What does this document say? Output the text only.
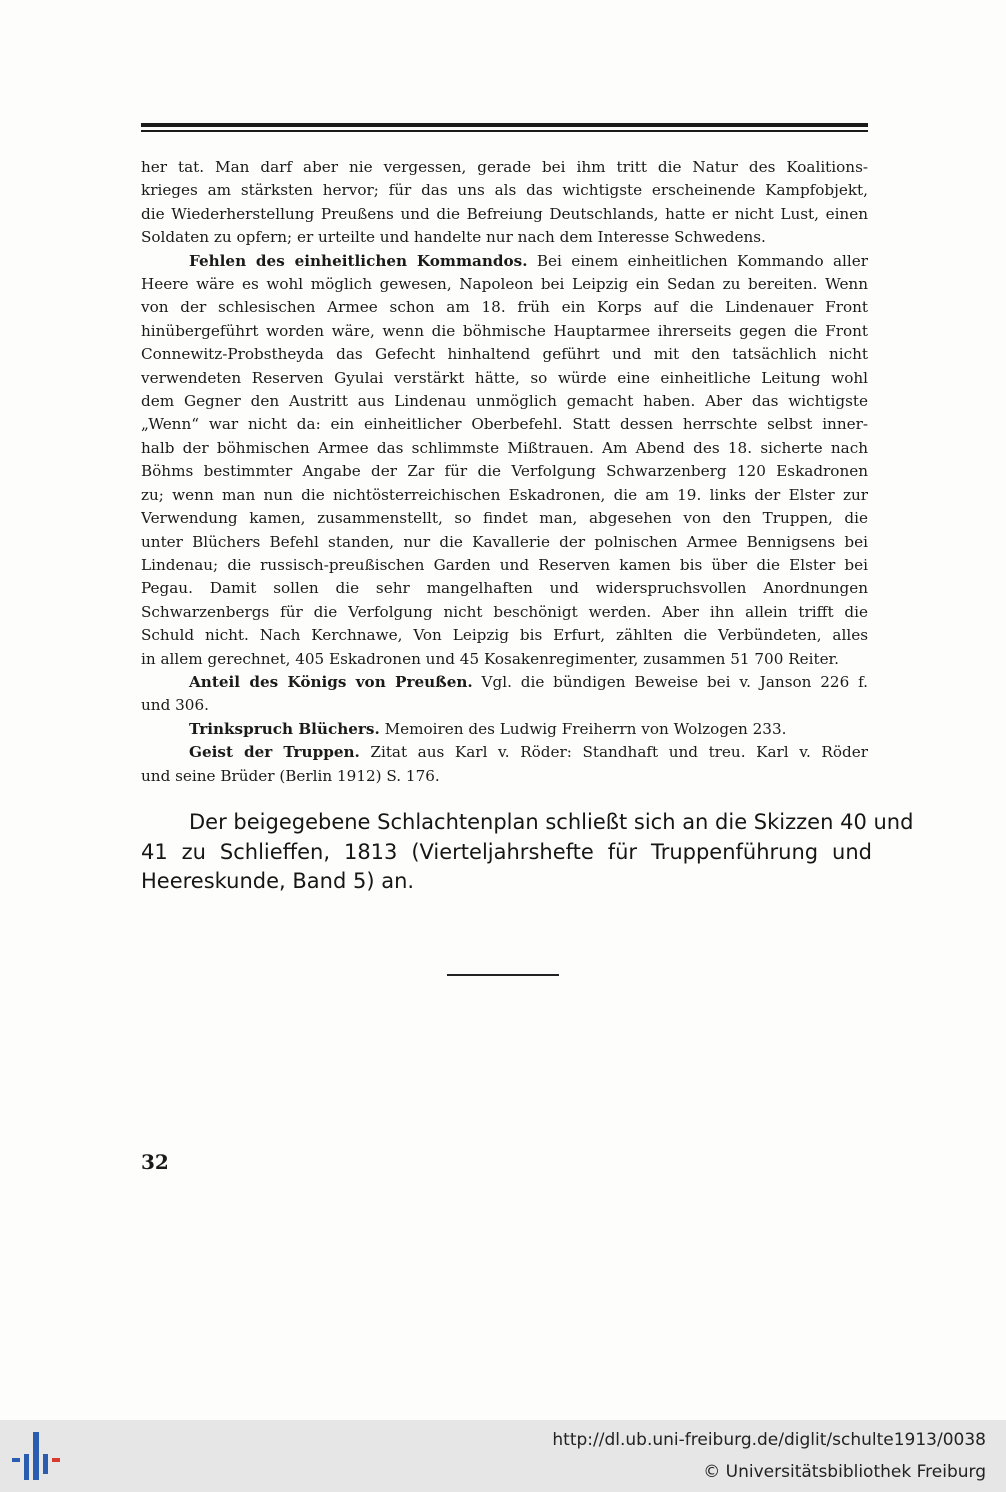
her tat. Man darf aber nie vergessen, gerade bei ihm tritt die Natur des Koalitions-
krieges am stärksten hervor; für das uns als das wichtigste erscheinende Kampfobjekt,
die Wiederherstellung Preußens und die Befreiung Deutschlands, hatte er nicht Lust, einen
Soldaten zu opfern; er urteilte und handelte nur nach dem Interesse Schwedens.
Fehlen des einheitlichen Kommandos. Bei einem einheitlichen Kommando aller
Heere wäre es wohl möglich gewesen, Napoleon bei Leipzig ein Sedan zu bereiten. Wenn
von der schlesischen Armee schon am 18. früh ein Korps auf die Lindenauer Front
hinübergeführt worden wäre, wenn die böhmische Hauptarmee ihrerseits gegen die Front
Connewitz-Probstheyda das Gefecht hinhaltend geführt und mit den tatsächlich nicht
verwendeten Reserven Gyulai verstärkt hätte, so würde eine einheitliche Leitung wohl
dem Gegner den Austritt aus Lindenau unmöglich gemacht haben. Aber das wichtigste
„Wenn“ war nicht da: ein einheitlicher Oberbefehl. Statt dessen herrschte selbst inner-
halb der böhmischen Armee das schlimmste Mißtrauen. Am Abend des 18. sicherte nach
Böhms bestimmter Angabe der Zar für die Verfolgung Schwarzenberg 120 Eskadronen
zu; wenn man nun die nichtösterreichischen Eskadronen, die am 19. links der Elster zur
Verwendung kamen, zusammenstellt, so findet man, abgesehen von den Truppen, die
unter Blüchers Befehl standen, nur die Kavallerie der polnischen Armee Bennigsens bei
Lindenau; die russisch-preußischen Garden und Reserven kamen bis über die Elster bei
Pegau. Damit sollen die sehr mangelhaften und widerspruchsvollen Anordnungen
Schwarzenbergs für die Verfolgung nicht beschönigt werden. Aber ihn allein trifft die
Schuld nicht. Nach Kerchnawe, Von Leipzig bis Erfurt, zählten die Verbündeten, alles
in allem gerechnet, 405 Eskadronen und 45 Kosakenregimenter, zusammen 51 700 Reiter.
Anteil des Königs von Preußen. Vgl. die bündigen Beweise bei v. Janson 226 f.
und 306.
Trinkspruch Blüchers. Memoiren des Ludwig Freiherrn von Wolzogen 233.
Geist der Truppen. Zitat aus Karl v. Röder: Standhaft und treu. Karl v. Röder
und seine Brüder (Berlin 1912) S. 176.
Der beigegebene Schlachtenplan schließt sich an die Skizzen 40 und
41 zu Schlieffen, 1813 (Vierteljahrshefte für Truppenführung und
Heereskunde, Band 5) an.
32
http://dl.ub.uni-freiburg.de/diglit/schulte1913/0038
© Universitätsbibliothek Freiburg
